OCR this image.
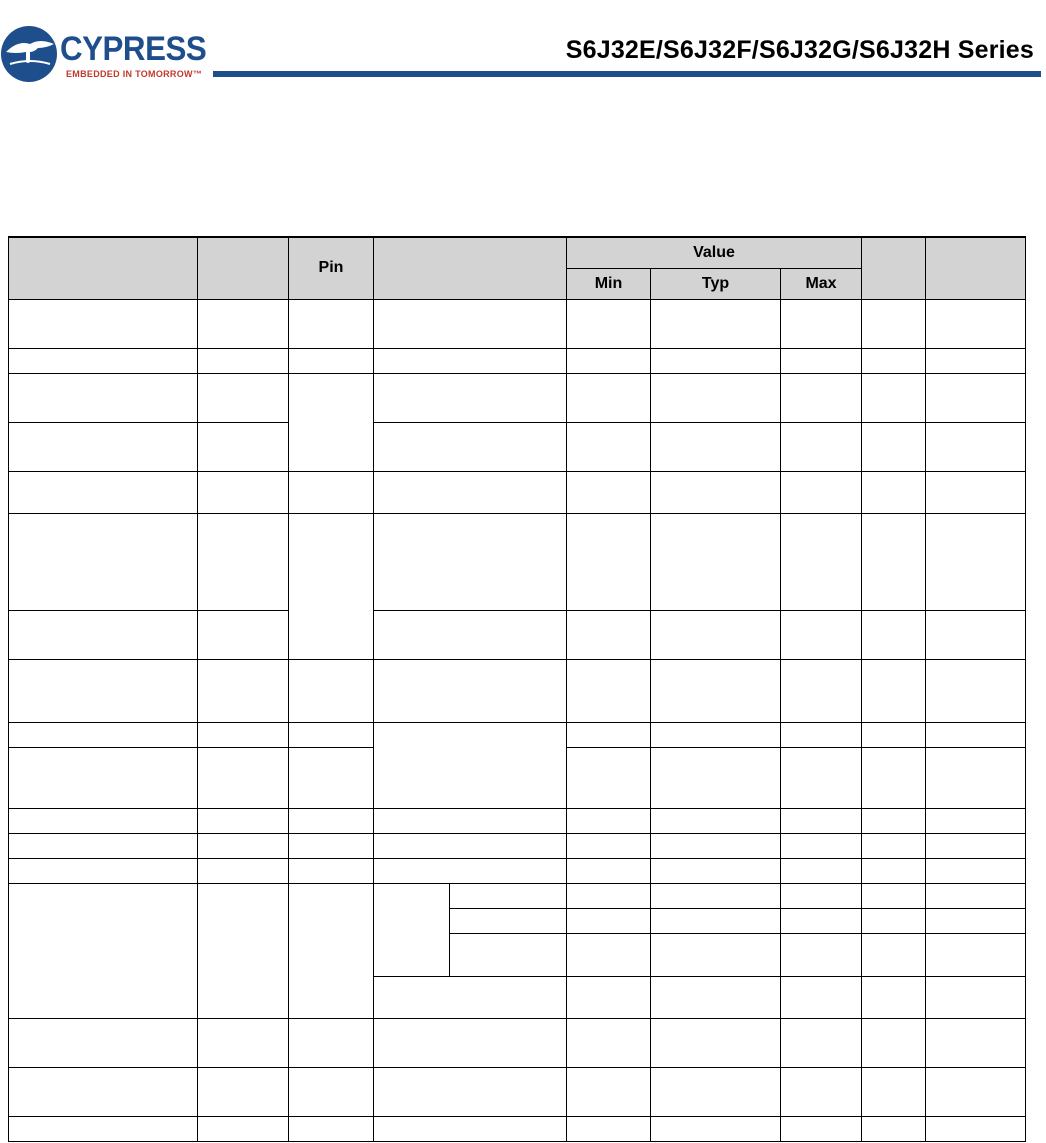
CYPRESS
EMBEDDED IN TOMORROW™
S6J32E/S6J32F/S6J32G/S6J32H Series
		Pin			Value				
					Min	Typ	Max		
